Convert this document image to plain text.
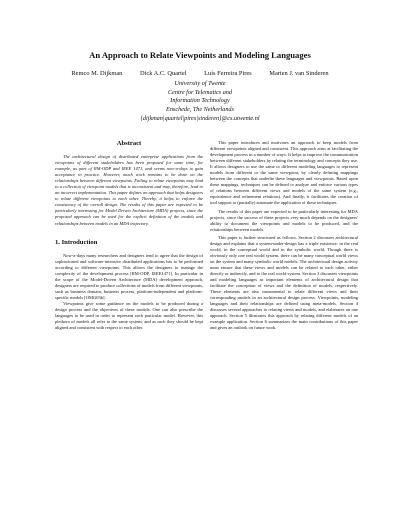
An Approach to Relate Viewpoints and Modeling Languages
Remco M. Dijkman	Dick A.C. Quartel	Luís Ferreira Pires	Marten J. van Sinderen
University of Twente
Centre for Telematics and
Information Technology
Enschede, The Netherlands
{dijkman|quartel|pires|sinderen}@cs.utwente.nl
Abstract

The architectural design of distributed enterprise applications from the viewpoints of different stakeholders has been proposed for some time, for example, as part of RM-ODP and IEEE 1471, and seems now-a-days to gain acceptance in practice. However, much work remains to be done on the relationships between different viewpoints. Failing to relate viewpoints may lead to a collection of viewpoint models that is inconsistent and may, therefore, lead to an incorrect implementation. This paper defines an approach that helps designers to relate different viewpoints to each other. Thereby, it helps to enforce the consistency of the overall design. The results of this paper are expected to be particularly interesting for Model Driven Architecture (MDA) projects, since the proposed approach can be used for the explicit definition of the models and relationships between models in an MDA trajectory.

1. Introduction

Now-a-days many researchers and designers tend to agree that the design of sophisticated and software-intensive distributed applications has to be performed according to different viewpoints. This allows the designers to manage the complexity of the development process [RM-ODP, IEEE1471]. In particular in the scope of the Model-Driven Architecture (MDA) development approach, designers are required to produce collections of models from different viewpoints, such as business domain, business process, platform-independent and platform-specific models [OMG03b].

Viewpoints give some guidance on the models to be produced during a design process and the objectives of these models. One can also prescribe the languages to be used in order to represent each particular model. However, this plethora of models all refer to the same system, and as such they should be kept aligned and consistent with respect to each other.

This paper introduces and motivates an approach to keep models from different viewpoints aligned and consistent. This approach aims at facilitating the development process in a number of ways. It helps to improve the communication between different stakeholders by relating the terminology and concepts they use. It allows designers to use the same or different modeling languages to represent models from different or the same viewpoint, by clearly defining mappings between the concepts that underlie these languages and viewpoints. Based upon these mappings, techniques can be defined to analyze and enforce various types of relations between different views and models of the same system (e.g., equivalence and refinement relations). And finally, it facilitates the creation of tool support to (partially) automate the application of these techniques.

The results of this paper are expected to be particularly interesting for MDA projects, since the success of these projects very much depends on the designers' ability to document the viewpoints and models to be produced, and the relationships between models.

This paper is further structured as follows. Section 2 discusses architectural design and explains that a system-under-design has a triple existence: in the real world, in the conceptual world and in the symbolic world. Though there is obviously only one real world system, there can be many conceptual world views on the system and many symbolic world models. The architectural design activity must ensure that these views and models can be related to each other, either directly or indirectly, and to the real world system. Section 3 discusses viewpoints and modeling languages as important elements of architectural design that facilitate the conception of views and the definition of models, respectively. These elements are also instrumental to relate different views and their corresponding models in an architectural design process. Viewpoints, modeling languages and their relationships are defined using meta-models. Section 4 discusses several approaches to relating views and models, and elaborates on one approach. Section 5 illustrates this approach by relating different models of an example application. Section 6 summarizes the main contributions of this paper and gives an outlook on future work.
